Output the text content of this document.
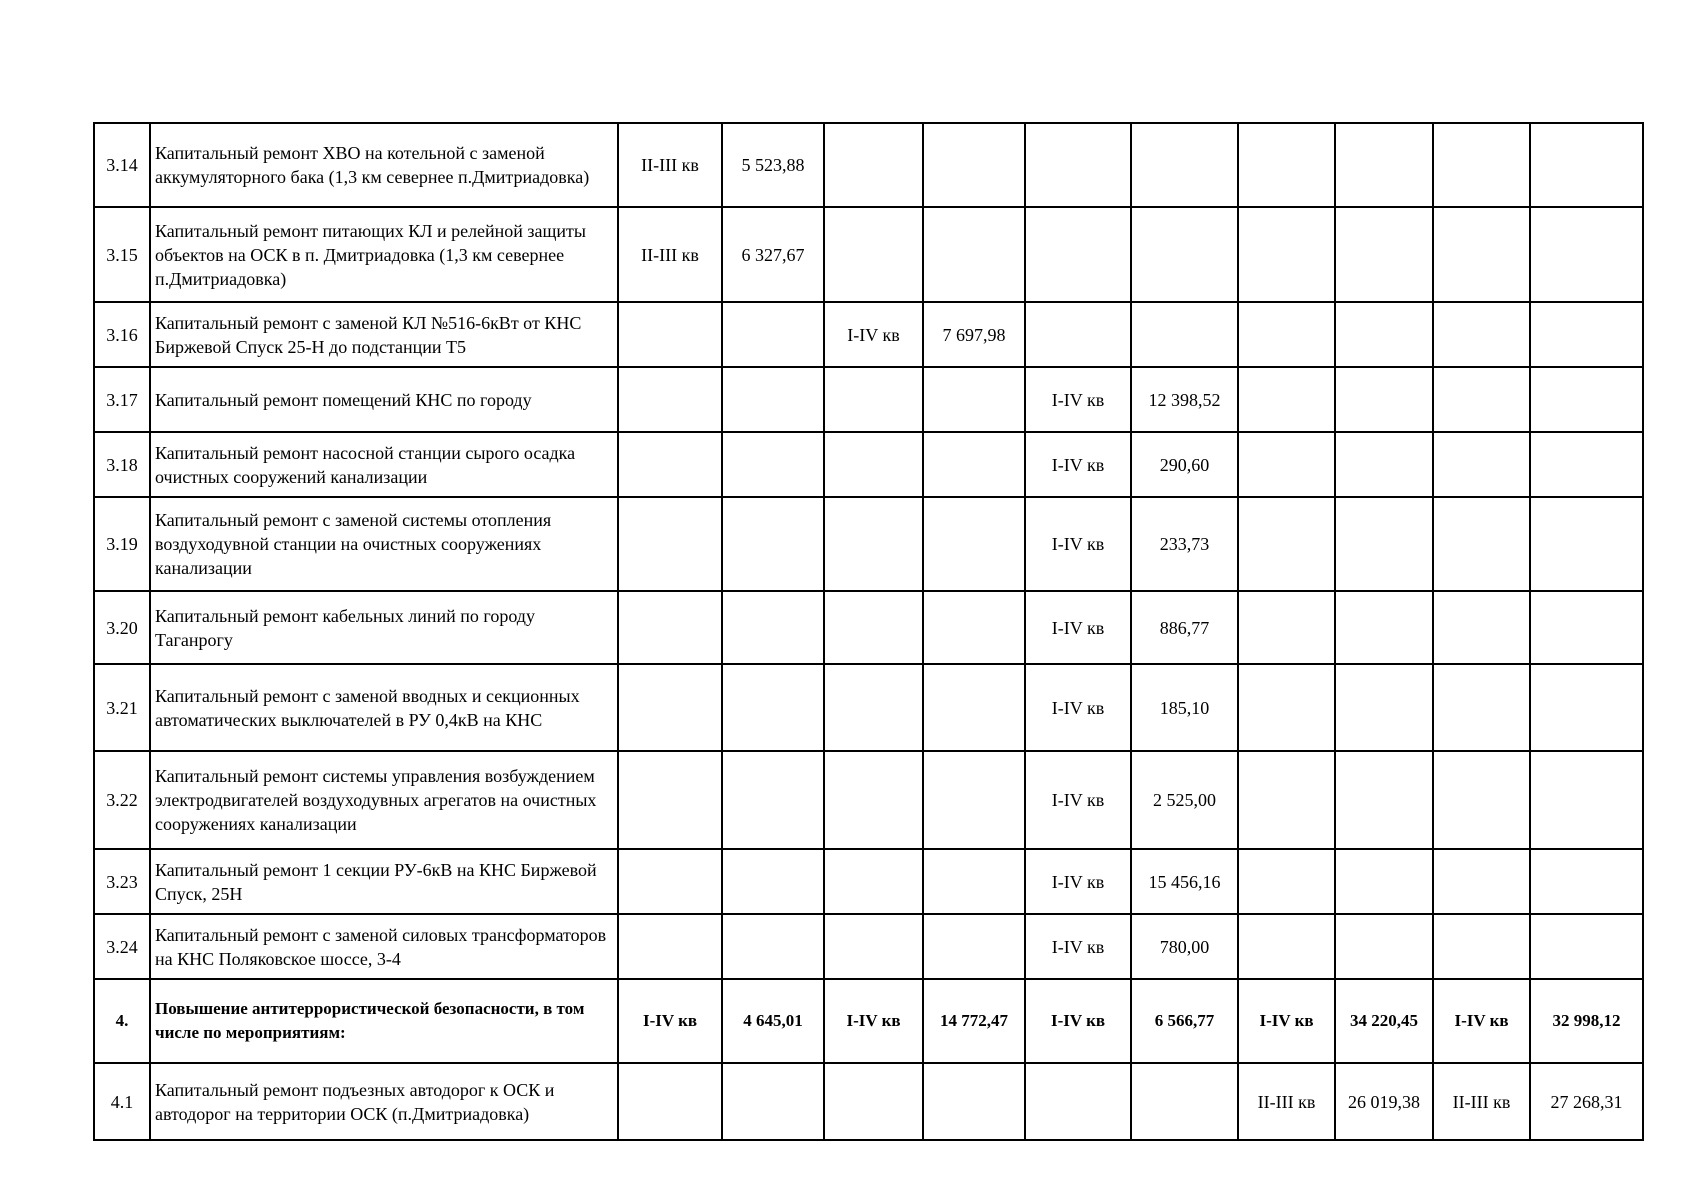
3.14	Капитальный ремонт ХВО на котельной с заменой аккумуляторного бака (1,3 км севернее п.Дмитриадовка)	II-III кв	5 523,88								
3.15	Капитальный ремонт питающих КЛ и релейной защиты объектов на ОСК в п. Дмитриадовка (1,3 км севернее п.Дмитриадовка)	II-III кв	6 327,67								
3.16	Капитальный ремонт с заменой КЛ №516-6кВт от КНС Биржевой Спуск 25-Н до подстанции Т5			I-IV кв	7 697,98						
3.17	Капитальный ремонт помещений КНС по городу					I-IV кв	12 398,52				
3.18	Капитальный ремонт насосной станции сырого осадка очистных сооружений канализации					I-IV кв	290,60				
3.19	Капитальный ремонт с заменой системы отопления воздуходувной станции на очистных сооружениях канализации					I-IV кв	233,73				
3.20	Капитальный ремонт кабельных линий по городу Таганрогу					I-IV кв	886,77				
3.21	Капитальный ремонт с заменой вводных и секционных автоматических выключателей в РУ 0,4кВ на КНС					I-IV кв	185,10				
3.22	Капитальный ремонт системы управления возбуждением электродвигателей воздуходувных агрегатов на очистных сооружениях канализации					I-IV кв	2 525,00				
3.23	Капитальный ремонт 1 секции РУ-6кВ на КНС Биржевой Спуск, 25Н					I-IV кв	15 456,16				
3.24	Капитальный ремонт с заменой силовых трансформаторов на КНС Поляковское шоссе, 3-4					I-IV кв	780,00				
4.	Повышение антитеррористической безопасности, в том числе по мероприятиям:	I-IV кв	4 645,01	I-IV кв	14 772,47	I-IV кв	6 566,77	I-IV кв	34 220,45	I-IV кв	32 998,12
4.1	Капитальный ремонт подъезных автодорог к ОСК и автодорог на территории ОСК (п.Дмитриадовка)							II-III кв	26 019,38	II-III кв	27 268,31
